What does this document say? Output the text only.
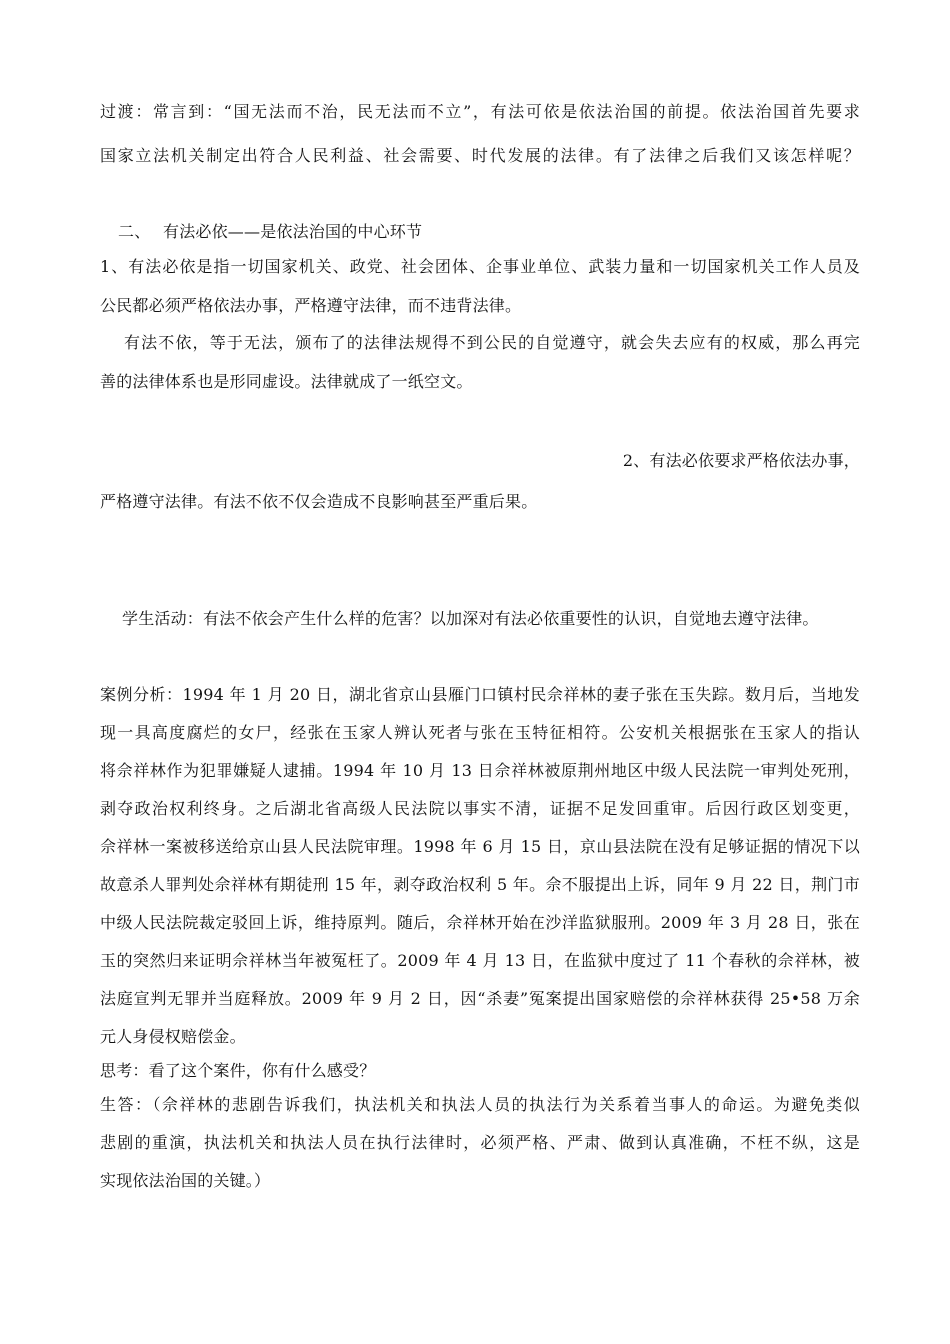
过渡：常言到：“国无法而不治，民无法而不立”，有法可依是依法治国的前提。依法治国首先要求
国家立法机关制定出符合人民利益、社会需要、时代发展的法律。有了法律之后我们又该怎样呢？
二、 有法必依——是依法治国的中心环节
1、有法必依是指一切国家机关、政党、社会团体、企事业单位、武装力量和一切国家机关工作人员及
公民都必须严格依法办事，严格遵守法律，而不违背法律。
有法不依，等于无法，颁布了的法律法规得不到公民的自觉遵守，就会失去应有的权威，那么再完
善的法律体系也是形同虚设。法律就成了一纸空文。
2、有法必依要求严格依法办事，
严格遵守法律。有法不依不仅会造成不良影响甚至严重后果。
学生活动：有法不依会产生什么样的危害？以加深对有法必依重要性的认识，自觉地去遵守法律。
案例分析：1994 年 1 月 20 日，湖北省京山县雁门口镇村民佘祥林的妻子张在玉失踪。数月后，当地发
现一具高度腐烂的女尸，经张在玉家人辨认死者与张在玉特征相符。公安机关根据张在玉家人的指认
将佘祥林作为犯罪嫌疑人逮捕。1994 年 10 月 13 日佘祥林被原荆州地区中级人民法院一审判处死刑，
剥夺政治权利终身。之后湖北省高级人民法院以事实不清，证据不足发回重审。后因行政区划变更，
佘祥林一案被移送给京山县人民法院审理。1998 年 6 月 15 日，京山县法院在没有足够证据的情况下以
故意杀人罪判处佘祥林有期徒刑 15 年，剥夺政治权利 5 年。佘不服提出上诉，同年 9 月 22 日，荆门市
中级人民法院裁定驳回上诉，维持原判。随后，佘祥林开始在沙洋监狱服刑。2009 年 3 月 28 日，张在
玉的突然归来证明佘祥林当年被冤枉了。2009 年 4 月 13 日，在监狱中度过了 11 个春秋的佘祥林，被
法庭宣判无罪并当庭释放。2009 年 9 月 2 日，因“杀妻”冤案提出国家赔偿的佘祥林获得 25•58 万余
元人身侵权赔偿金。
思考：看了这个案件，你有什么感受？
生答：（佘祥林的悲剧告诉我们，执法机关和执法人员的执法行为关系着当事人的命运。为避免类似
悲剧的重演，执法机关和执法人员在执行法律时，必须严格、严肃、做到认真准确，不枉不纵，这是
实现依法治国的关键。）
